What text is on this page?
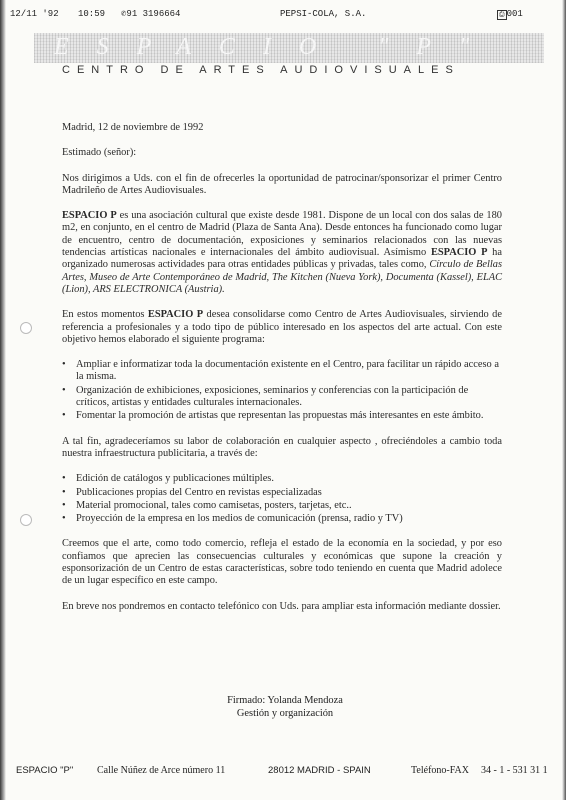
12/11 '92 10:59 ✆91 3196664	PEPSI-COLA, S.A.	⎙ 001
ESPACIO "P"
CENTRO DE ARTES AUDIOVISUALES

Madrid, 12 de noviembre de 1992

Estimado (señor):

Nos dirigimos a Uds. con el fin de ofrecerles la oportunidad de patrocinar/sponsorizar el primer Centro Madrileño de Artes Audiovisuales.

ESPACIO P es una asociación cultural que existe desde 1981. Dispone de un local con dos salas de 180 m2, en conjunto, en el centro de Madrid (Plaza de Santa Ana). Desde entonces ha funcionado como lugar de encuentro, centro de documentación, exposiciones y seminarios relacionados con las nuevas tendencias artísticas nacionales e internacionales del ámbito audiovisual. Asímismo ESPACIO P ha organizado numerosas actividades para otras entidades públicas y privadas, tales como, Círculo de Bellas Artes, Museo de Arte Contemporáneo de Madrid, The Kitchen (Nueva York), Documenta (Kassel), ELAC (Lion), ARS ELECTRONICA (Austria).

En estos momentos ESPACIO P desea consolidarse como Centro de Artes Audiovisuales, sirviendo de referencia a profesionales y a todo tipo de público interesado en los aspectos del arte actual. Con este objetivo hemos elaborado el siguiente programa:

• Ampliar e informatizar toda la documentación existente en el Centro, para facilitar un rápido acceso a la misma.
• Organización de exhibiciones, exposiciones, seminarios y conferencias con la participación de críticos, artistas y entidades culturales internacionales.
• Fomentar la promoción de artistas que representan las propuestas más interesantes en este ámbito.

A tal fin, agradeceríamos su labor de colaboración en cualquier aspecto , ofreciéndoles a cambio toda nuestra infraestructura publicitaria, a través de:

• Edición de catálogos y publicaciones múltiples.
• Publicaciones propias del Centro en revistas especializadas
• Material promocional, tales como camisetas, posters, tarjetas, etc..
• Proyección de la empresa en los medios de comunicación (prensa, radio y TV)

Creemos que el arte, como todo comercio, refleja el estado de la economía en la sociedad, y por eso confiamos que aprecien las consecuencias culturales y económicas que supone la creación y esponsorización de un Centro de estas características, sobre todo teniendo en cuenta que Madrid adolece de un lugar específico en este campo.

En breve nos pondremos en contacto telefónico con Uds. para ampliar esta información mediante dossier.

Firmado: Yolanda Mendoza
Gestión y organización
ESPACIO "P" Calle Núñez de Arce número 11	28012 MADRID - SPAIN	Teléfono-FAX 34 - 1 - 531 31 1
